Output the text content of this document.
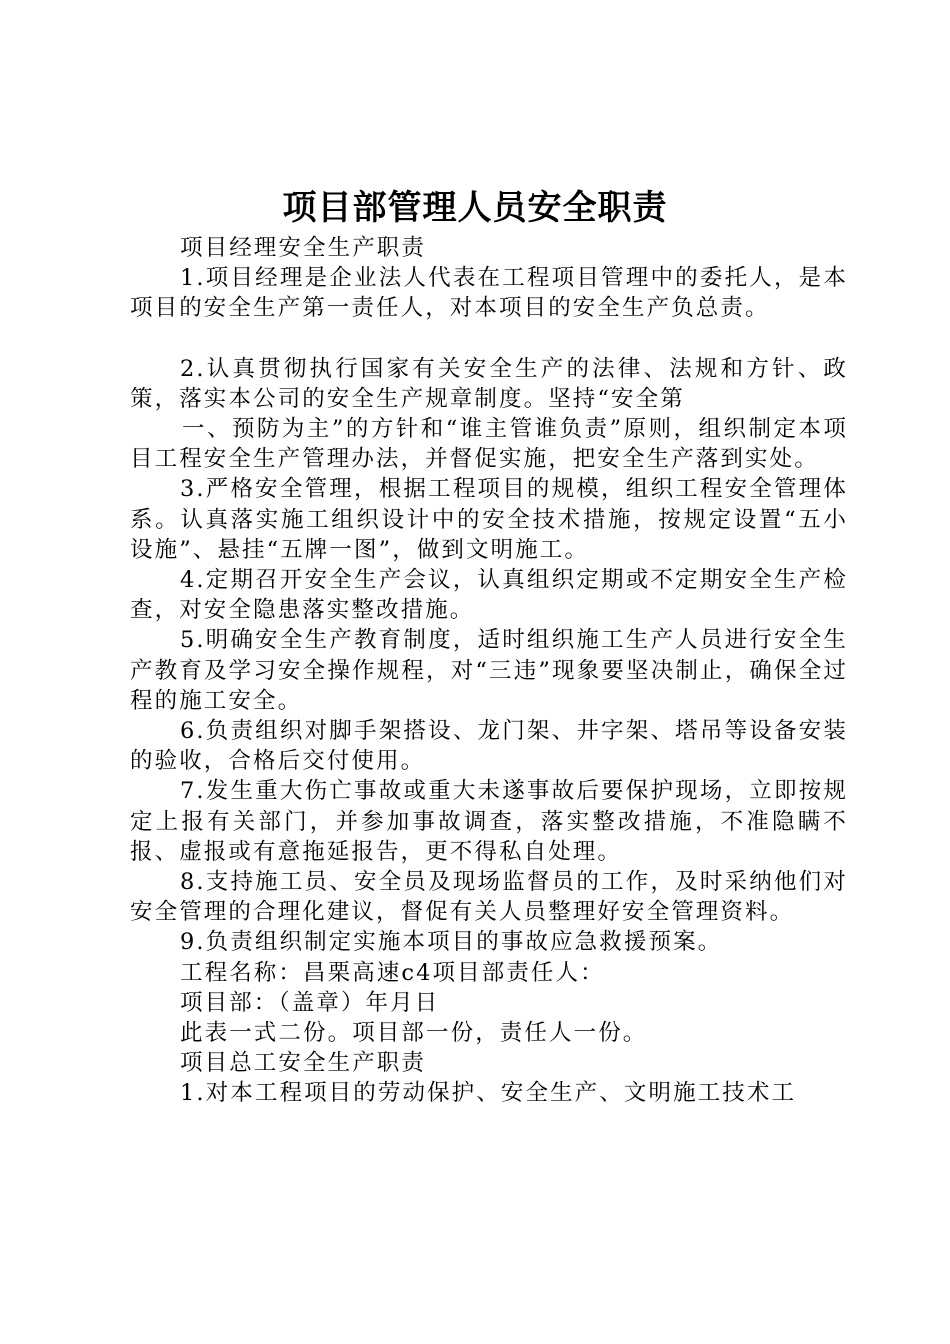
项目部管理人员安全职责

项目经理安全生产职责

1.项目经理是企业法人代表在工程项目管理中的委托人，是本项目的安全生产第一责任人，对本项目的安全生产负总责。

2.认真贯彻执行国家有关安全生产的法律、法规和方针、政策，落实本公司的安全生产规章制度。坚持“安全第

一、预防为主”的方针和“谁主管谁负责”原则，组织制定本项目工程安全生产管理办法，并督促实施，把安全生产落到实处。

3.严格安全管理，根据工程项目的规模，组织工程安全管理体系。认真落实施工组织设计中的安全技术措施，按规定设置“五小设施”、悬挂“五牌一图”，做到文明施工。

4.定期召开安全生产会议，认真组织定期或不定期安全生产检查，对安全隐患落实整改措施。

5.明确安全生产教育制度，适时组织施工生产人员进行安全生产教育及学习安全操作规程，对“三违”现象要坚决制止，确保全过程的施工安全。

6.负责组织对脚手架搭设、龙门架、井字架、塔吊等设备安装的验收，合格后交付使用。

7.发生重大伤亡事故或重大未遂事故后要保护现场，立即按规定上报有关部门，并参加事故调查，落实整改措施，不准隐瞒不报、虚报或有意拖延报告，更不得私自处理。

8.支持施工员、安全员及现场监督员的工作，及时采纳他们对安全管理的合理化建议，督促有关人员整理好安全管理资料。

9.负责组织制定实施本项目的事故应急救援预案。

工程名称：昌栗高速c4项目部责任人：

项目部：（盖章）年月日

此表一式二份。项目部一份，责任人一份。

项目总工安全生产职责

1.对本工程项目的劳动保护、安全生产、文明施工技术工
